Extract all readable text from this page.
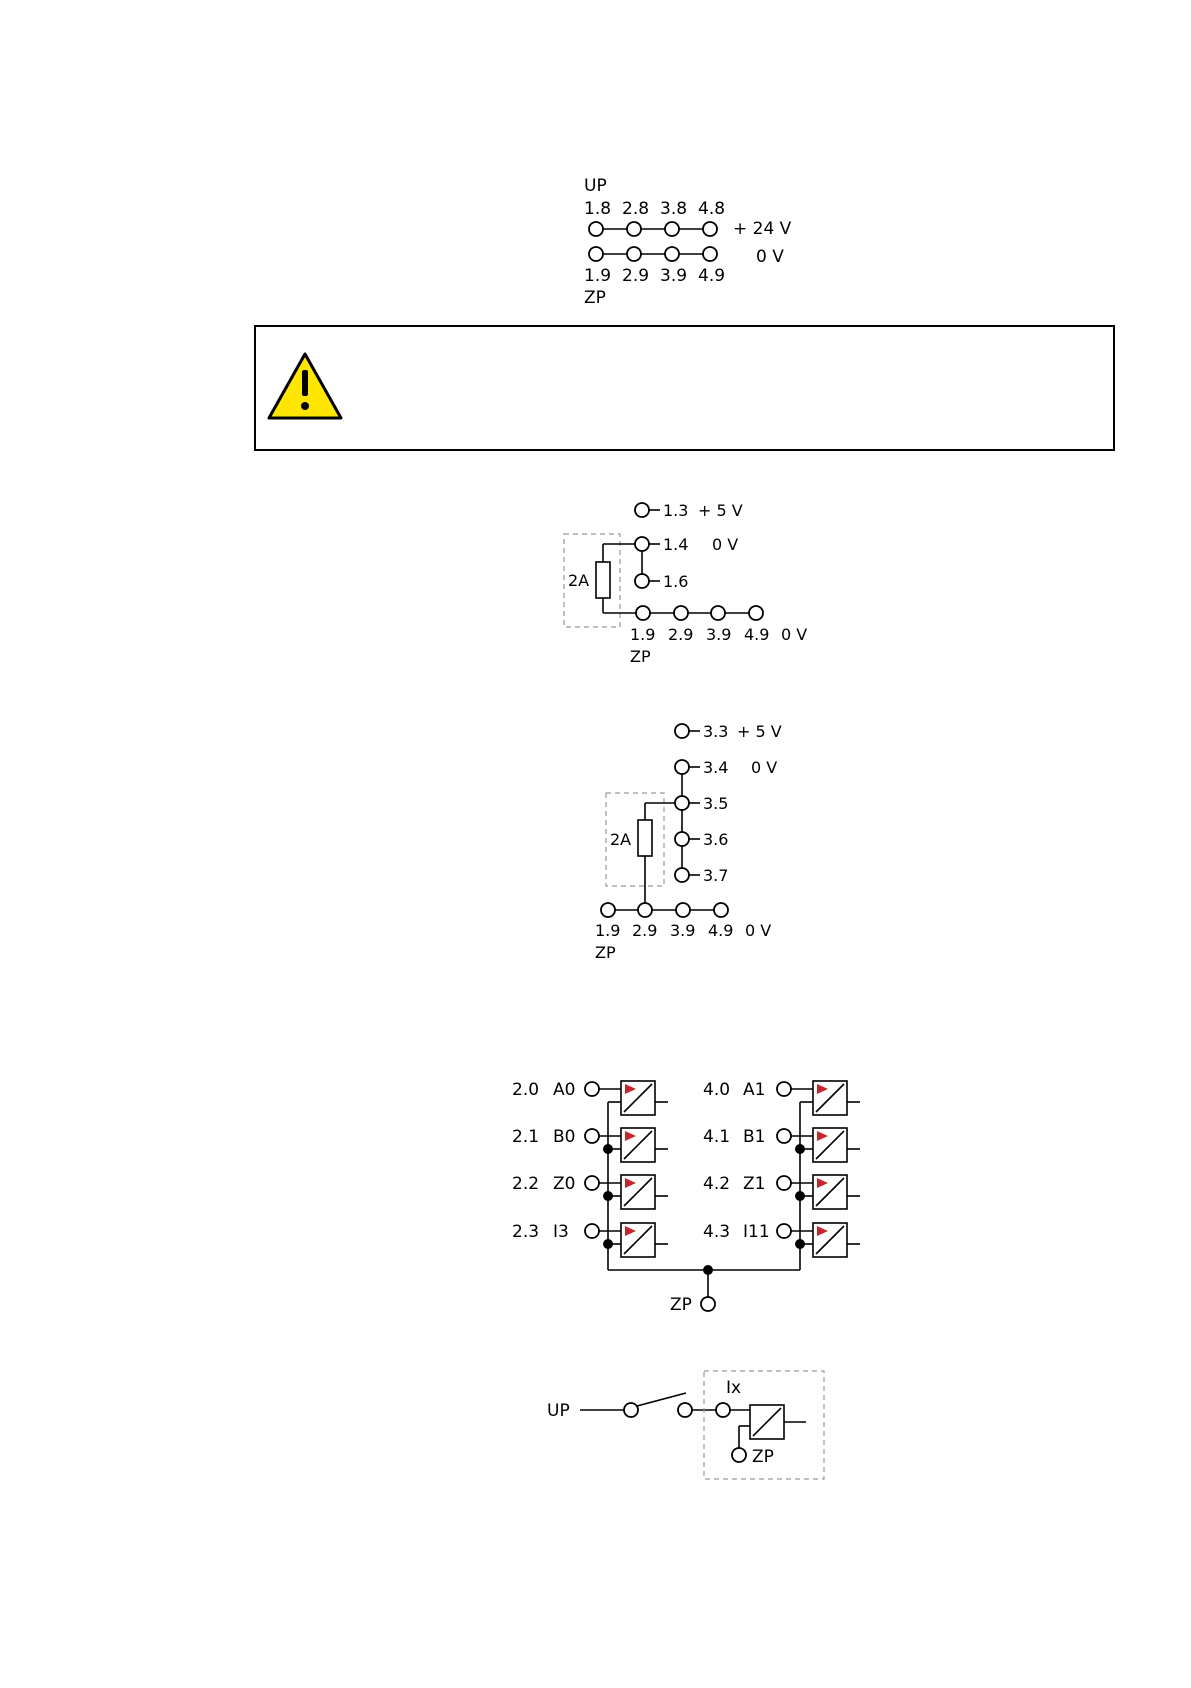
UP
1.8 2.8 3.8 4.8
+ 24 V
0 V
1.9 2.9 3.9 4.9
ZP
1.3 + 5 V
1.4 0 V
1.6
2A
1.9 2.9 3.9 4.9 0 V
ZP
3.3 + 5 V
3.4 0 V
3.5
3.6
3.7
2A
1.9 2.9 3.9 4.9 0 V
ZP
2.0 A0
2.1 B0
2.2 Z0
2.3 I3
4.0 A1
4.1 B1
4.2 Z1
4.3 I11
ZP
UP
Ix
ZP
